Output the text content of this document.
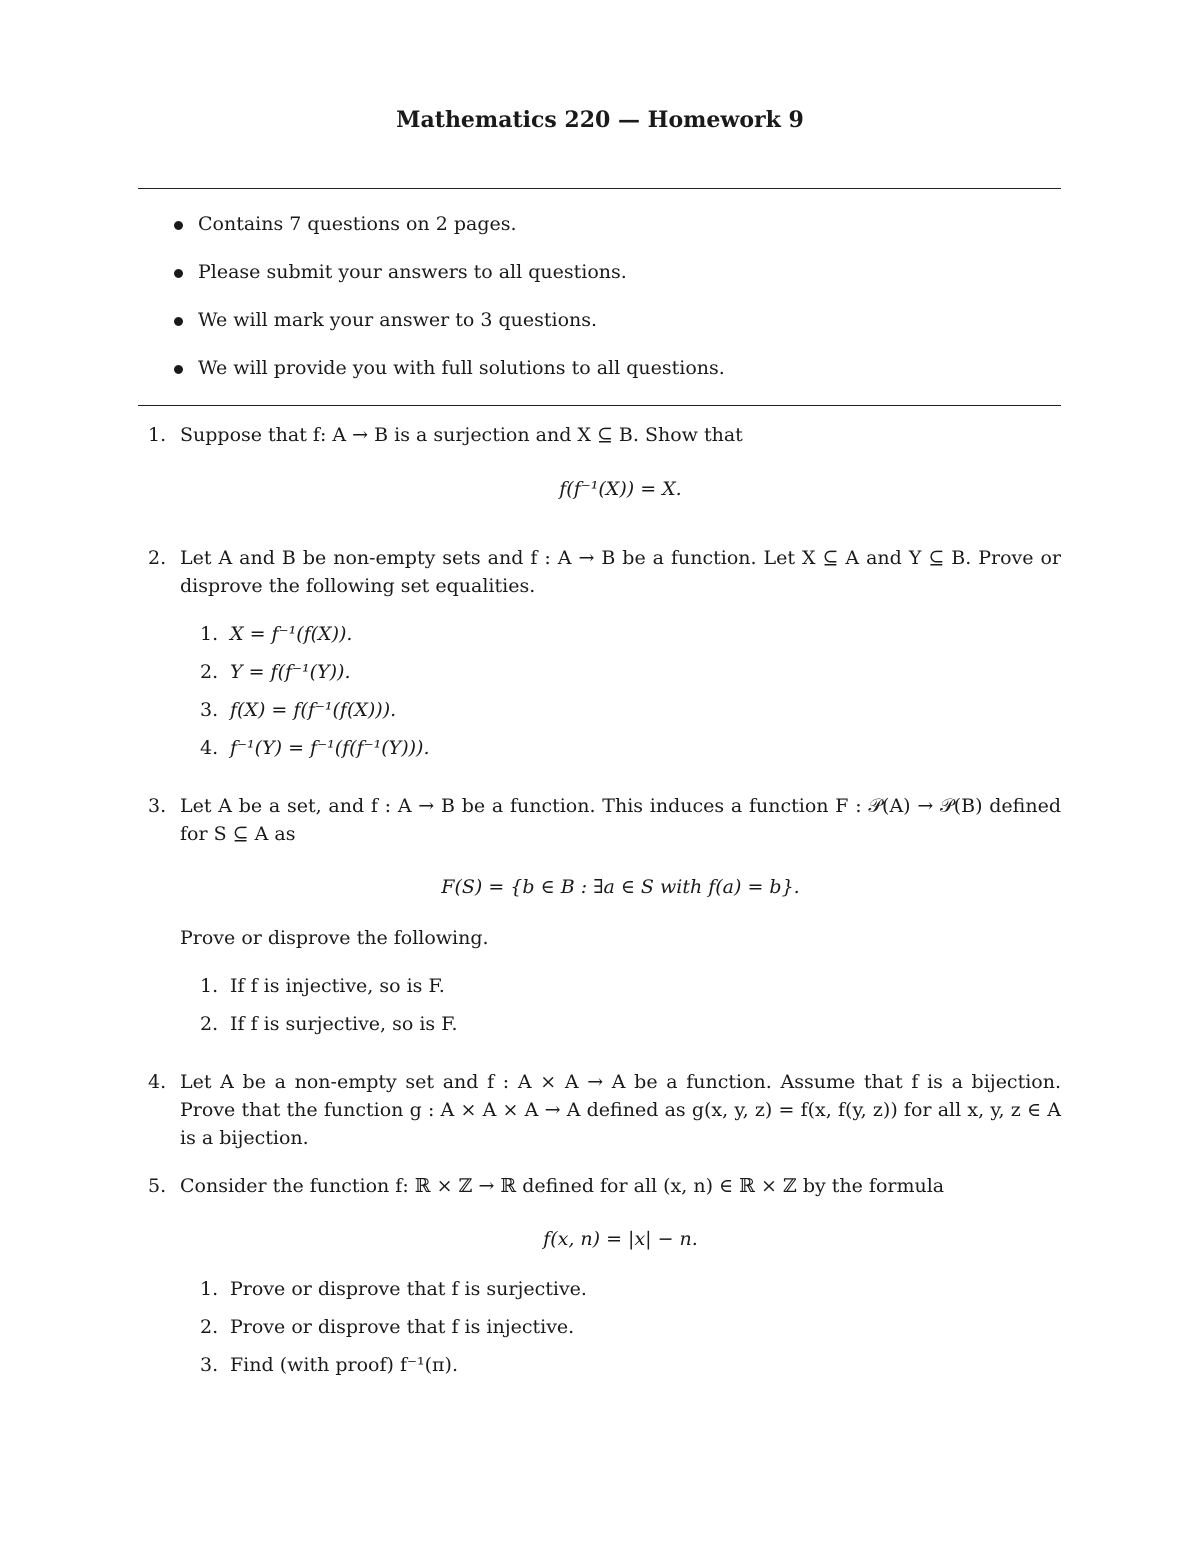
Mathematics 220 — Homework 9
Contains 7 questions on 2 pages.
Please submit your answers to all questions.
We will mark your answer to 3 questions.
We will provide you with full solutions to all questions.
1. Suppose that f: A → B is a surjection and X ⊆ B. Show that

f(f⁻¹(X)) = X.

2. Let A and B be non-empty sets and f : A → B be a function. Let X ⊆ A and Y ⊆ B. Prove or disprove the following set equalities.

1. X = f⁻¹(f(X)).
2. Y = f(f⁻¹(Y)).
3. f(X) = f(f⁻¹(f(X))).
4. f⁻¹(Y) = f⁻¹(f(f⁻¹(Y))).
3. Let A be a set, and f : A → B be a function. This induces a function F : 𝒫(A) → 𝒫(B) defined for S ⊆ A as

F(S) = {b ∈ B : ∃a ∈ S with f(a) = b}.

Prove or disprove the following.

1. If f is injective, so is F.
2. If f is surjective, so is F.
4. Let A be a non-empty set and f : A × A → A be a function. Assume that f is a bijection. Prove that the function g : A × A × A → A defined as g(x, y, z) = f(x, f(y, z)) for all x, y, z ∈ A is a bijection.

5. Consider the function f: ℝ × ℤ → ℝ defined for all (x, n) ∈ ℝ × ℤ by the formula

f(x, n) = |x| − n.

1. Prove or disprove that f is surjective.
2. Prove or disprove that f is injective.
3. Find (with proof) f⁻¹(π).
